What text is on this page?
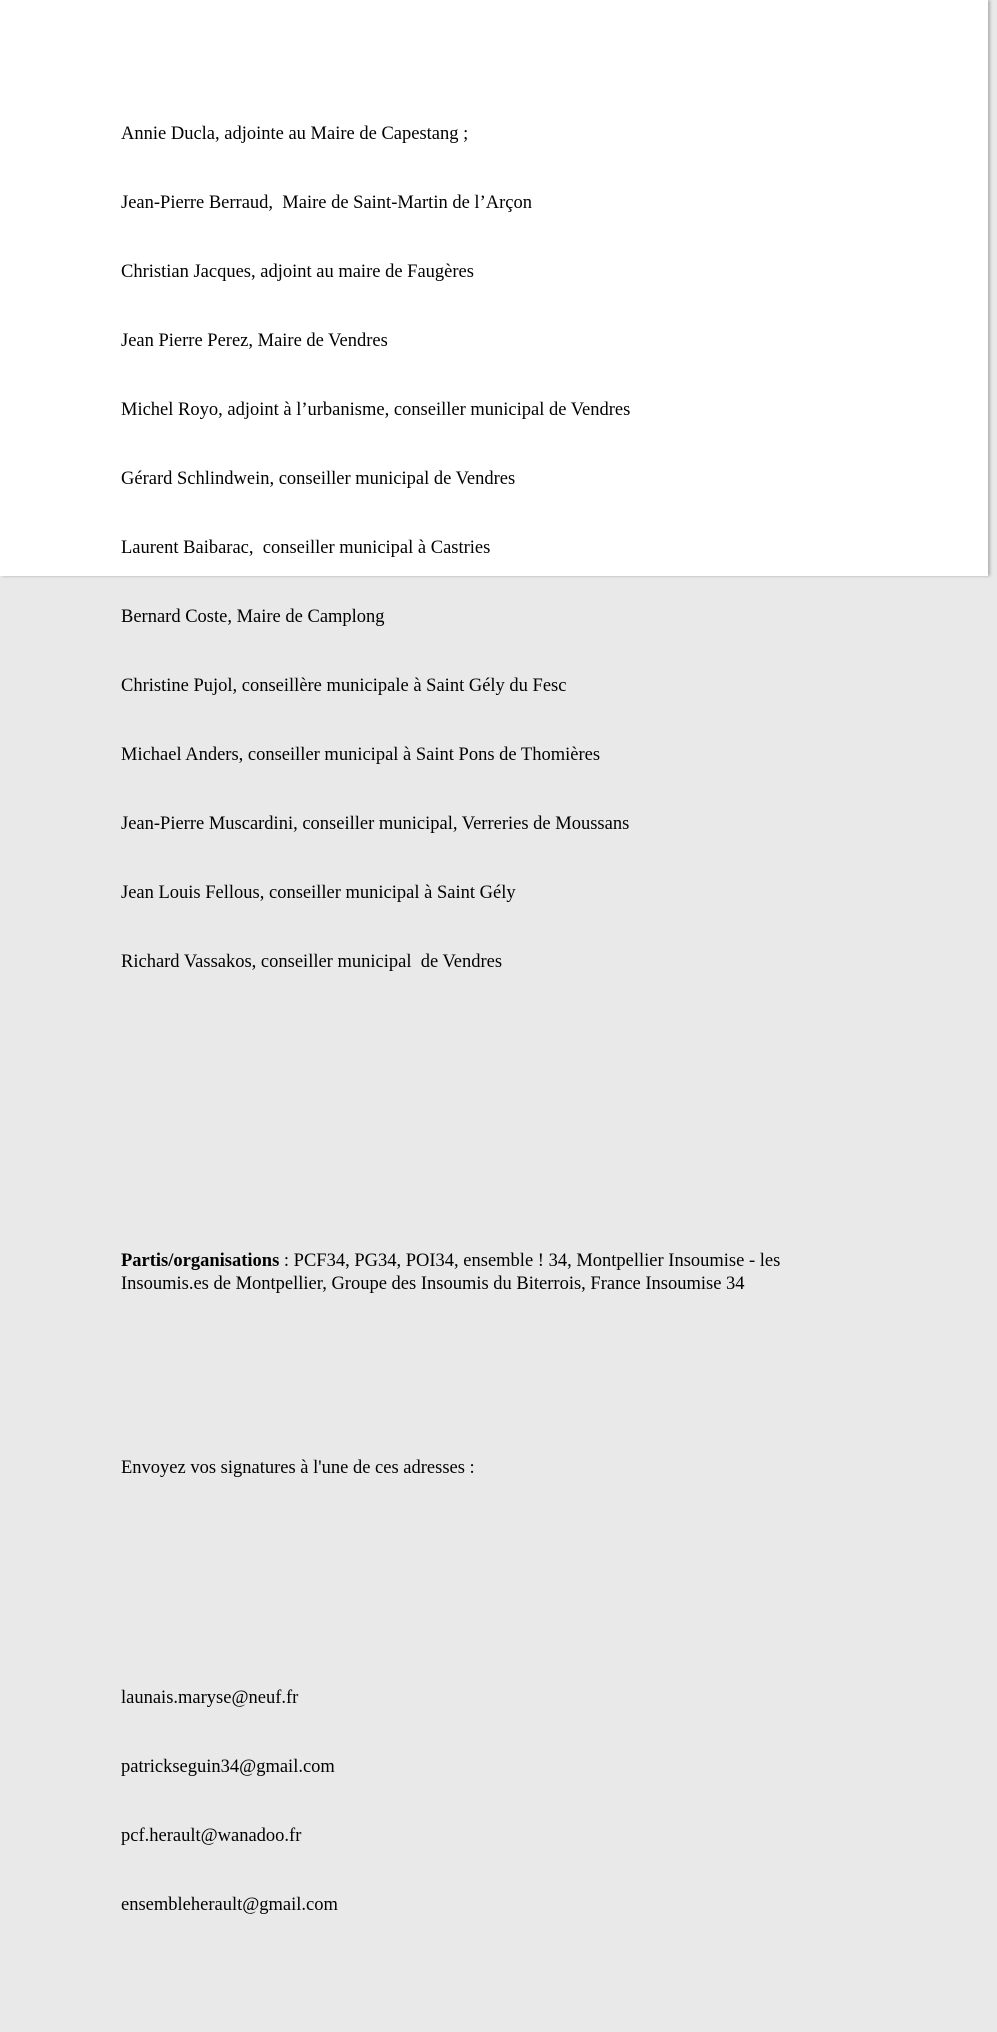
Annie Ducla, adjointe au Maire de Capestang ;

Jean-Pierre Berraud,  Maire de Saint-Martin de l’Arçon

Christian Jacques, adjoint au maire de Faugères

Jean Pierre Perez, Maire de Vendres

Michel Royo, adjoint à l’urbanisme, conseiller municipal de Vendres

Gérard Schlindwein, conseiller municipal de Vendres

Laurent Baibarac,  conseiller municipal à Castries

Bernard Coste, Maire de Camplong

Christine Pujol, conseillère municipale à Saint Gély du Fesc

Michael Anders, conseiller municipal à Saint Pons de Thomières

Jean-Pierre Muscardini, conseiller municipal, Verreries de Moussans

Jean Louis Fellous, conseiller municipal à Saint Gély

Richard Vassakos, conseiller municipal  de Vendres

Partis/organisations : PCF34, PG34, POI34, ensemble ! 34, Montpellier Insoumise - les Insoumis.es de Montpellier, Groupe des Insoumis du Biterrois, France Insoumise 34

Envoyez vos signatures à l'une de ces adresses :

launais.maryse@neuf.fr

patrickseguin34@gmail.com

pcf.herault@wanadoo.fr

ensembleherault@gmail.com
